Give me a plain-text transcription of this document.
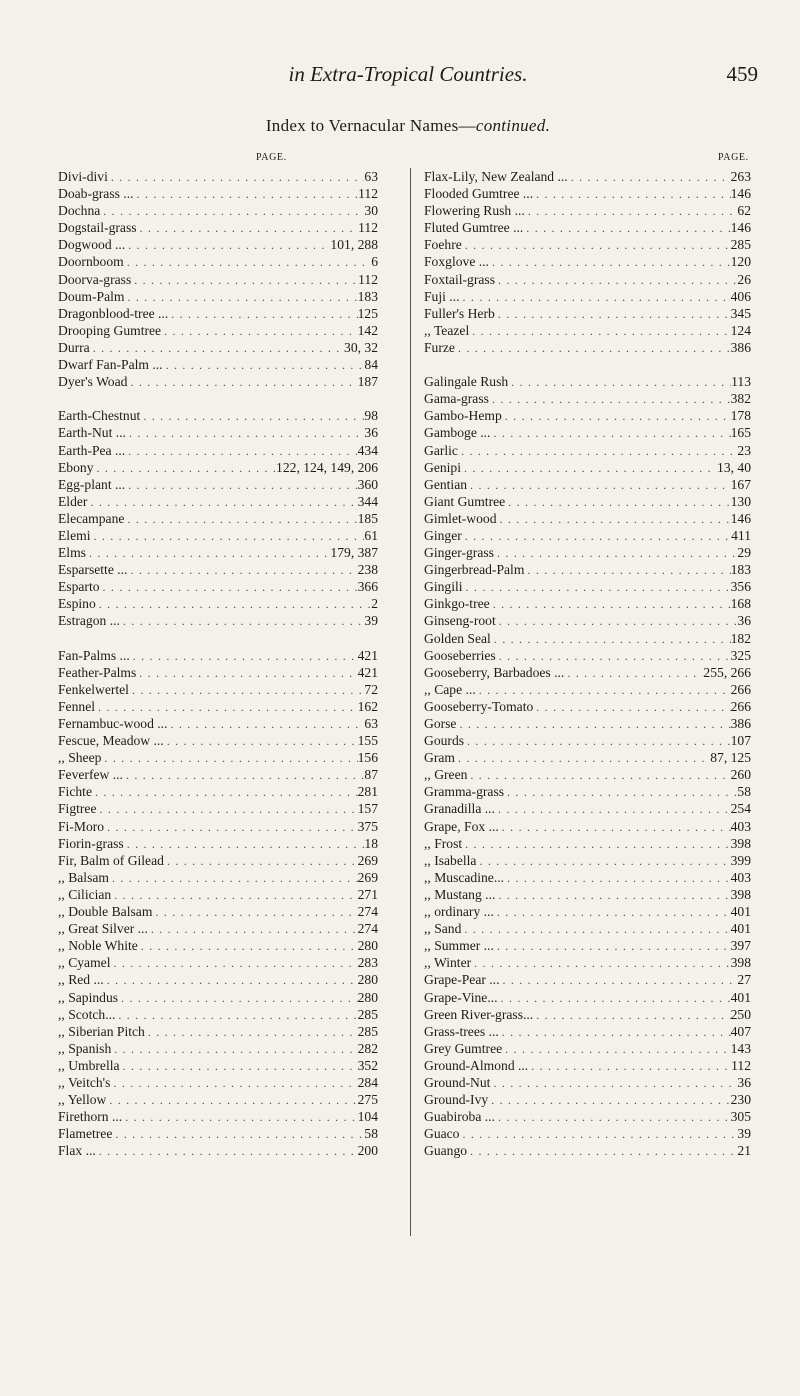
in Extra-Tropical Countries.	459
Index to Vernacular Names—continued.
PAGE.	PAGE.
Divi-divi . . .	63
Doab-grass ... . . .	112
Dochna . . .	30
Dogstail-grass . . .	112
Dogwood ... . . .	101, 288
Doornboom . . .	6
Doorva-grass . . .	112
Doum-Palm . . .	183
Dragonblood-tree ... . . .	125
Drooping Gumtree . . .	142
Durra . . .	30, 32
Dwarf Fan-Palm ... . . .	84
Dyer's Woad . . .	187
Earth-Chestnut . . .	98
Earth-Nut ... . . .	36
Earth-Pea ... . . .	434
Ebony . . .	122, 124, 149, 206
Egg-plant ... . . .	360
Elder . . .	344
Elecampane . . .	185
Elemi . . .	61
Elms . . .	179, 387
Esparsette ... . . .	238
Esparto . . .	366
Espino . . .	2
Estragon ... . . .	39
Fan-Palms ... . . .	421
Feather-Palms . . .	421
Fenkelwertel . . .	72
Fennel . . .	162
Fernambuc-wood ... . . .	63
Fescue, Meadow ... . . .	155
,, Sheep . . .	156
Feverfew ... . . .	87
Fichte . . .	281
Figtree . . .	157
Fi-Moro . . .	375
Fiorin-grass . . .	18
Fir, Balm of Gilead . . .	269
,, Balsam . . .	269
,, Cilician . . .	271
,, Double Balsam . . .	274
,, Great Silver ... . . .	274
,, Noble White . . .	280
,, Cyamel . . .	283
,, Red ... . . .	280
,, Sapindus . . .	280
,, Scotch... . . .	285
,, Siberian Pitch . . .	285
,, Spanish . . .	282
,, Umbrella . . .	352
,, Veitch's . . .	284
,, Yellow . . .	275
Firethorn ... . . .	104
Flametree . . .	58
Flax ... . . .	200
Flax-Lily, New Zealand ... . . .	263
Flooded Gumtree ... . . .	146
Flowering Rush ... . . .	62
Fluted Gumtree ... . . .	146
Foehre . . .	285
Foxglove ... . . .	120
Foxtail-grass . . .	26
Fuji ... . . .	406
Fuller's Herb . . .	345
,, Teazel . . .	124
Furze . . .	386
Galingale Rush . . .	113
Gama-grass . . .	382
Gambo-Hemp . . .	178
Gamboge ... . . .	165
Garlic . . .	23
Genipi . . .	13, 40
Gentian . . .	167
Giant Gumtree . . .	130
Gimlet-wood . . .	146
Ginger . . .	411
Ginger-grass . . .	29
Gingerbread-Palm . . .	183
Gingili . . .	356
Ginkgo-tree . . .	168
Ginseng-root . . .	36
Golden Seal . . .	182
Gooseberries . . .	325
Gooseberry, Barbadoes ... . . .	255, 266
,, Cape ... . . .	266
Gooseberry-Tomato . . .	266
Gorse . . .	386
Gourds . . .	107
Gram . . .	87, 125
,, Green . . .	260
Gramma-grass . . .	58
Granadilla ... . . .	254
Grape, Fox ... . . .	403
,, Frost . . .	398
,, Isabella . . .	399
,, Muscadine... . . .	403
,, Mustang ... . . .	398
,, ordinary ... . . .	401
,, Sand . . .	401
,, Summer ... . . .	397
,, Winter . . .	398
Grape-Pear ... . . .	27
Grape-Vine... . . .	401
Green River-grass... . . .	250
Grass-trees ... . . .	407
Grey Gumtree . . .	143
Ground-Almond ... . . .	112
Ground-Nut . . .	36
Ground-Ivy . . .	230
Guabiroba ... . . .	305
Guaco . . .	39
Guango . . .	21
